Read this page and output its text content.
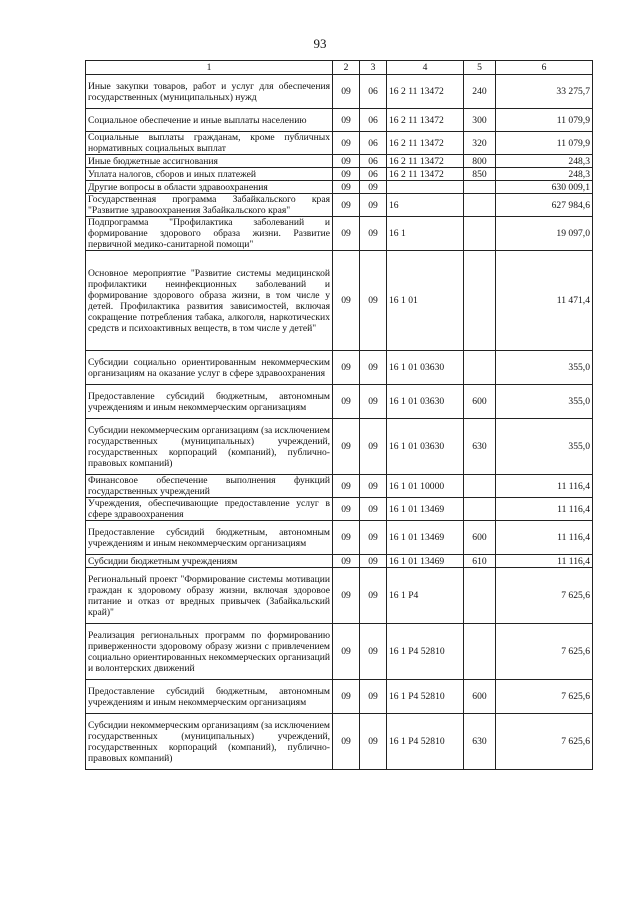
93
1	2	3	4	5	6
Иные закупки товаров, работ и услуг для обеспечения государственных (муниципальных) нужд	09	06	16 2 11 13472	240	33 275,7
Социальное обеспечение и иные выплаты населению	09	06	16 2 11 13472	300	11 079,9
Социальные выплаты гражданам, кроме публичных нормативных социальных выплат	09	06	16 2 11 13472	320	11 079,9
Иные бюджетные ассигнования	09	06	16 2 11 13472	800	248,3
Уплата налогов, сборов и иных платежей	09	06	16 2 11 13472	850	248,3
Другие вопросы в области здравоохранения	09	09			630 009,1
Государственная программа Забайкальского края "Развитие здравоохранения Забайкальского края"	09	09	16		627 984,6
Подпрограмма "Профилактика заболеваний и формирование здорового образа жизни. Развитие первичной медико-санитарной помощи"	09	09	16 1		19 097,0
Основное мероприятие "Развитие системы медицинской профилактики неинфекционных заболеваний и формирование здорового образа жизни, в том числе у детей. Профилактика развития зависимостей, включая сокращение потребления табака, алкоголя, наркотических средств и психоактивных веществ, в том числе у детей"	09	09	16 1 01		11 471,4
Субсидии социально ориентированным некоммерческим организациям на оказание услуг в сфере здравоохранения	09	09	16 1 01 03630		355,0
Предоставление субсидий бюджетным, автономным учреждениям и иным некоммерческим организациям	09	09	16 1 01 03630	600	355,0
Субсидии некоммерческим организациям (за исключением государственных (муниципальных) учреждений, государственных корпораций (компаний), публично-правовых компаний)	09	09	16 1 01 03630	630	355,0
Финансовое обеспечение выполнения функций государственных учреждений	09	09	16 1 01 10000		11 116,4
Учреждения, обеспечивающие предоставление услуг в сфере здравоохранения	09	09	16 1 01 13469		11 116,4
Предоставление субсидий бюджетным, автономным учреждениям и иным некоммерческим организациям	09	09	16 1 01 13469	600	11 116,4
Субсидии бюджетным учреждениям	09	09	16 1 01 13469	610	11 116,4
Региональный проект "Формирование системы мотивации граждан к здоровому образу жизни, включая здоровое питание и отказ от вредных привычек (Забайкальский край)"	09	09	16 1 P4		7 625,6
Реализация региональных программ по формированию приверженности здоровому образу жизни с привлечением социально ориентированных некоммерческих организаций и волонтерских движений	09	09	16 1 P4 52810		7 625,6
Предоставление субсидий бюджетным, автономным учреждениям и иным некоммерческим организациям	09	09	16 1 P4 52810	600	7 625,6
Субсидии некоммерческим организациям (за исключением государственных (муниципальных) учреждений, государственных корпораций (компаний), публично-правовых компаний)	09	09	16 1 P4 52810	630	7 625,6
